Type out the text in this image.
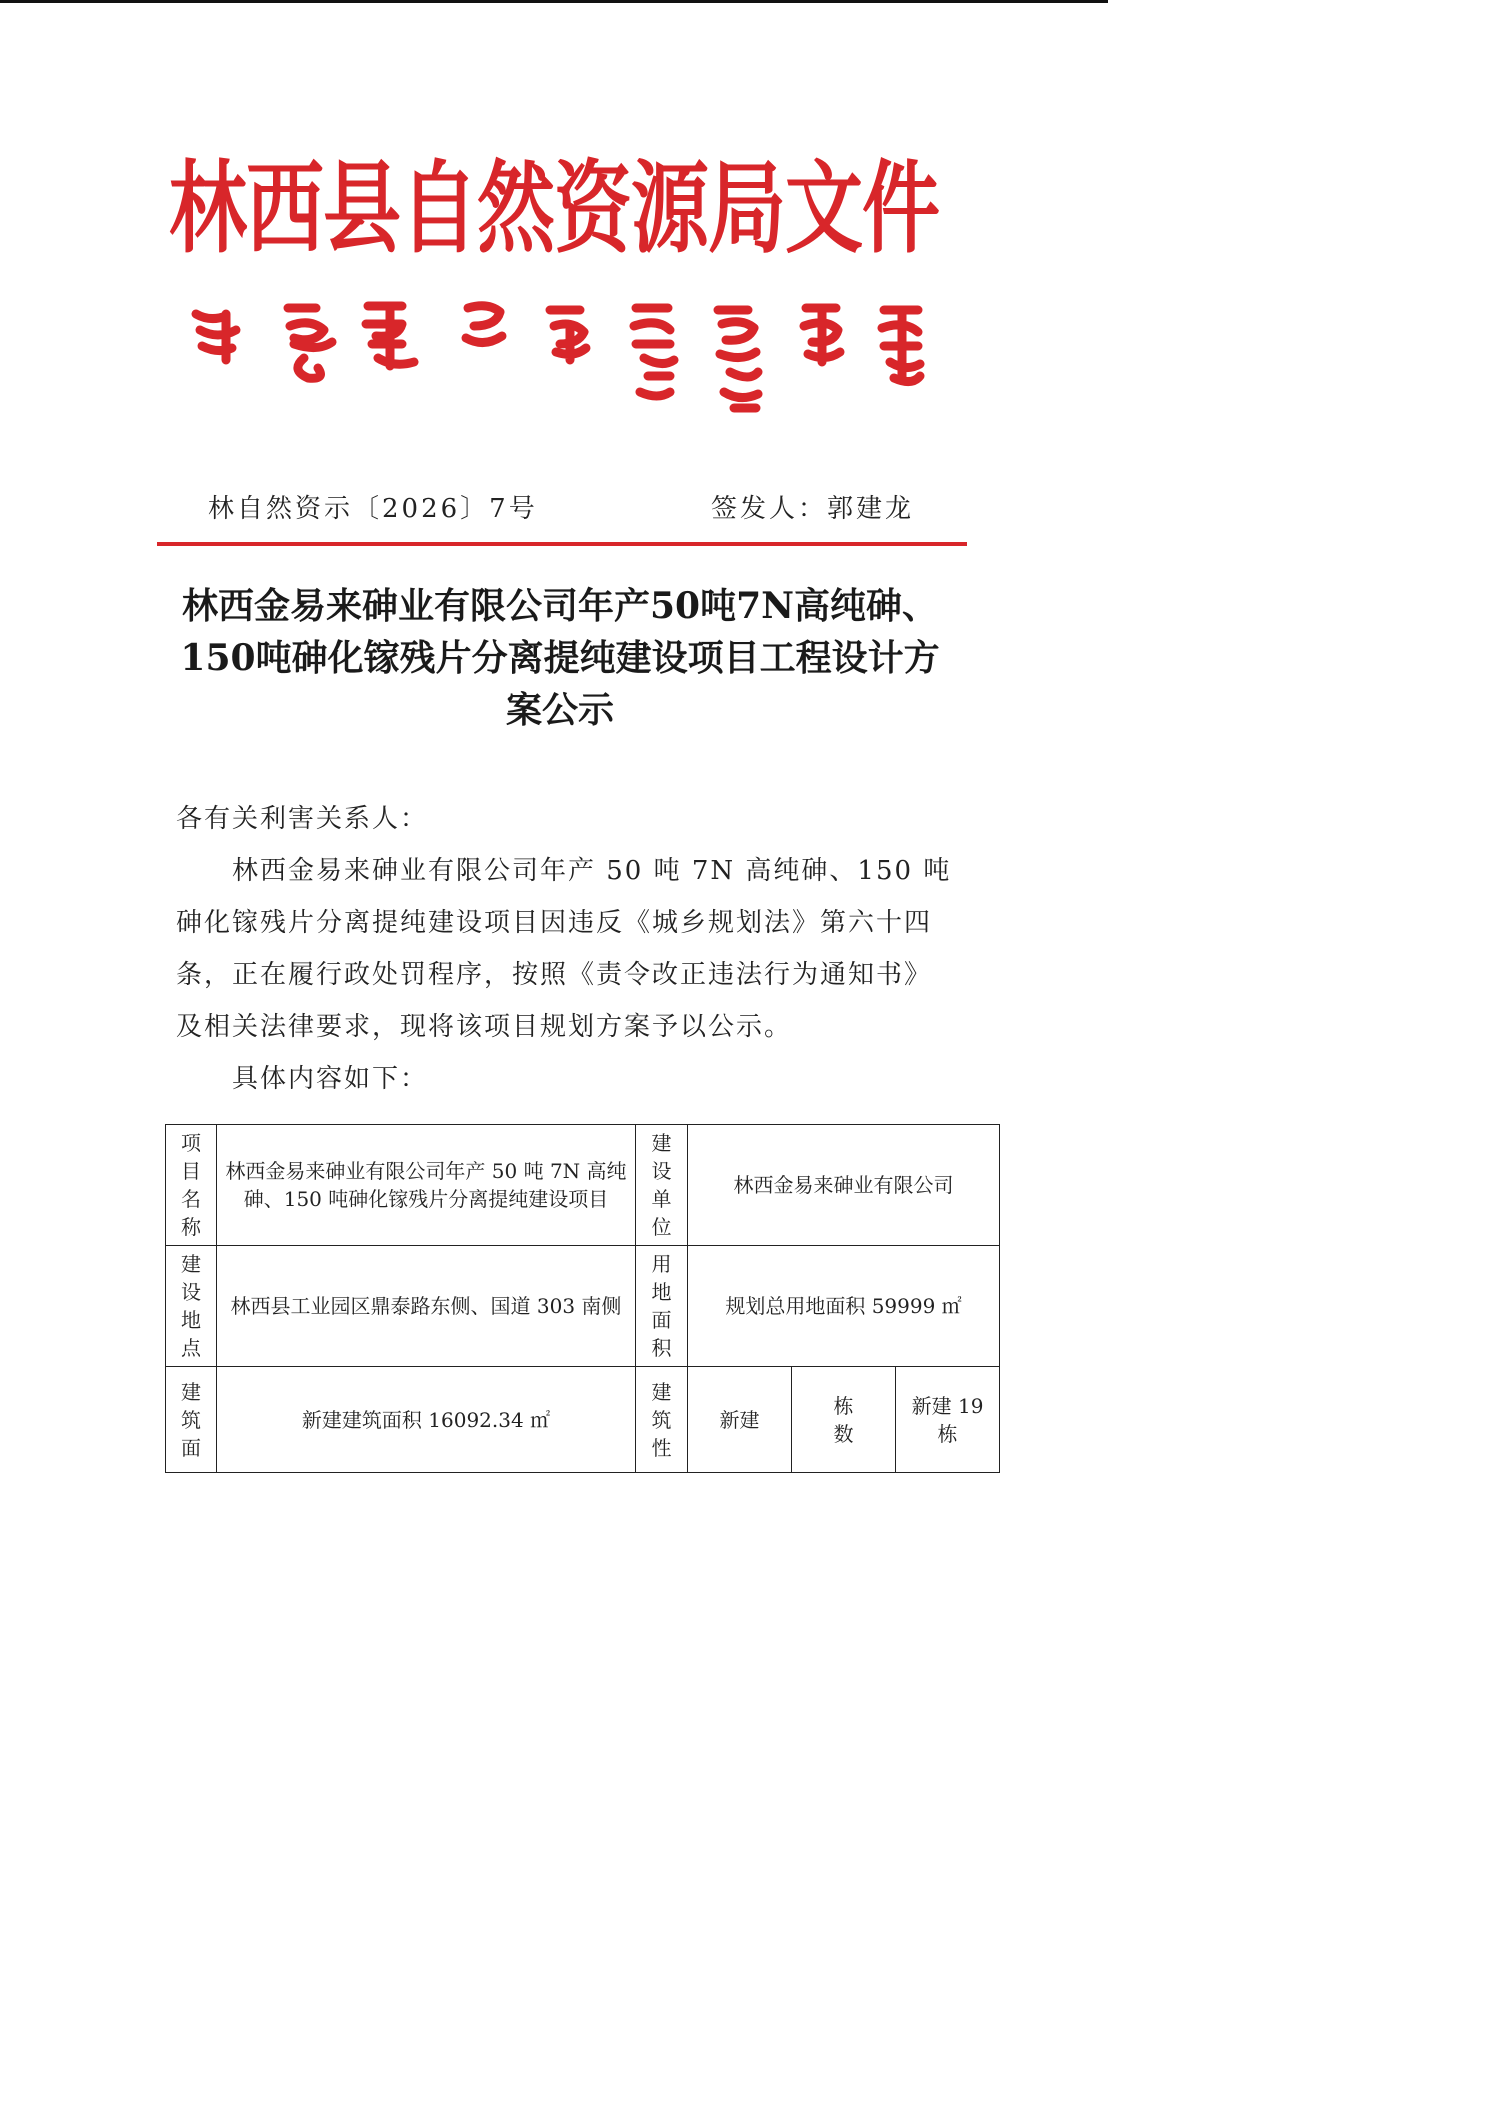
林西县自然资源局文件
林自然资示〔2026〕7号	签发人：郭建龙
林西金易来砷业有限公司年产50吨7N高纯砷、150吨砷化镓残片分离提纯建设项目工程设计方案公示

各有关利害关系人：

林西金易来砷业有限公司年产 50 吨 7N 高纯砷、150 吨砷化镓残片分离提纯建设项目因违反《城乡规划法》第六十四条，正在履行政处罚程序，按照《责令改正违法行为通知书》及相关法律要求，现将该项目规划方案予以公示。

具体内容如下：

项目名称	林西金易来砷业有限公司年产 50 吨 7N 高纯砷、150 吨砷化镓残片分离提纯建设项目	建设单位	林西金易来砷业有限公司		
建设地点	林西县工业园区鼎泰路东侧、国道 303 南侧	用地面积	规划总用地面积 59999 ㎡		
建筑面	新建建筑面积 16092.34 ㎡	建筑性	新建	栋数	新建 19 栋
